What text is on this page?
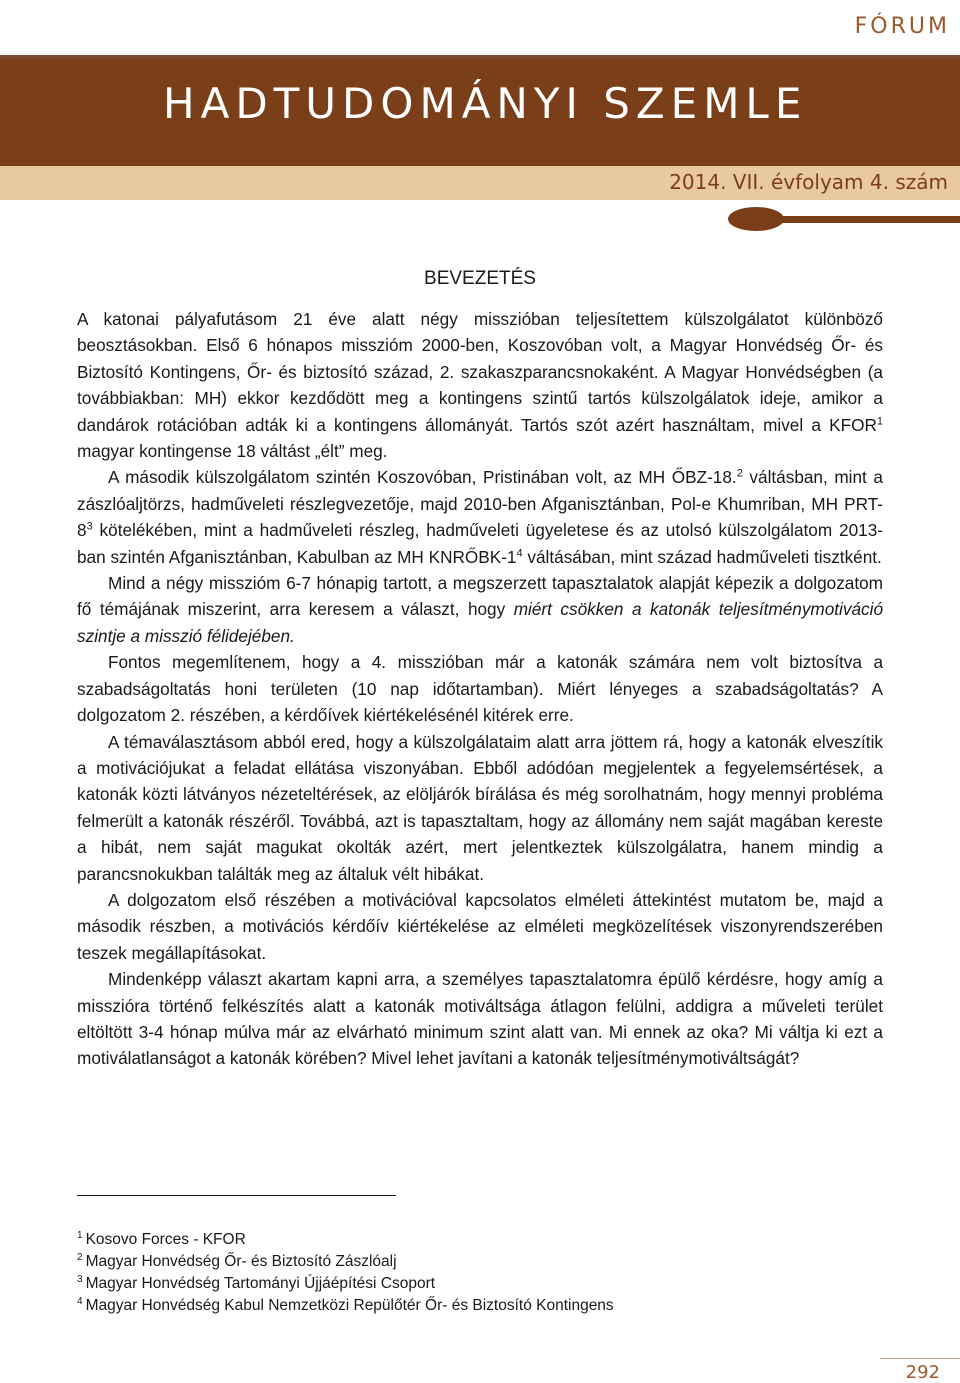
FÓRUM
HADTUDOMÁNYI SZEMLE
2014. VII. évfolyam 4. szám
BEVEZETÉS

A katonai pályafutásom 21 éve alatt négy misszióban teljesítettem külszolgálatot különböző beosztásokban. Első 6 hónapos misszióm 2000-ben, Koszovóban volt, a Magyar Honvédség Őr- és Biztosító Kontingens, Őr- és biztosító század, 2. szakaszparancsnokaként. A Magyar Honvédségben (a továbbiakban: MH) ekkor kezdődött meg a kontingens szintű tartós külszolgálatok ideje, amikor a dandárok rotációban adták ki a kontingens állományát. Tartós szót azért használtam, mivel a KFOR$^1$ magyar kontingense 18 váltást „élt” meg.

A második külszolgálatom szintén Koszovóban, Pristinában volt, az MH ŐBZ-18.$^2$ váltásban, mint a zászlóaljtörzs, hadműveleti részlegvezetője, majd 2010-ben Afganisztánban, Pol-e Khumriban, MH PRT-$8^3$ kötelékében, mint a hadműveleti részleg, hadműveleti ügyeletese és az utolsó külszolgálatom 2013-ban szintén Afganisztánban, Kabulban az MH KNRŐBK-$1^4$ váltásában, mint század hadműveleti tisztként.

Mind a négy misszióm 6-7 hónapig tartott, a megszerzett tapasztalatok alapját képezik a dolgozatom fő témájának miszerint, arra keresem a választ, hogy miért csökken a katonák teljesítménymotiváció szintje a misszió félidejében.

Fontos megemlítenem, hogy a 4. misszióban már a katonák számára nem volt biztosítva a szabadságoltatás honi területen (10 nap időtartamban). Miért lényeges a szabadságoltatás? A dolgozatom 2. részében, a kérdőívek kiértékelésénél kitérek erre.

A témaválasztásom abból ered, hogy a külszolgálataim alatt arra jöttem rá, hogy a katonák elveszítik a motivációjukat a feladat ellátása viszonyában. Ebből adódóan megjelentek a fegyelemsértések, a katonák közti látványos nézeteltérések, az elöljárók bírálása és még sorolhatnám, hogy mennyi probléma felmerült a katonák részéről. Továbbá, azt is tapasztaltam, hogy az állomány nem saját magában kereste a hibát, nem saját magukat okolták azért, mert jelentkeztek külszolgálatra, hanem mindig a parancsnokukban találták meg az általuk vélt hibákat.

A dolgozatom első részében a motivációval kapcsolatos elméleti áttekintést mutatom be, majd a második részben, a motivációs kérdőív kiértékelése az elméleti megközelítések viszonyrendszerében teszek megállapításokat.

Mindenképp választ akartam kapni arra, a személyes tapasztalatomra épülő kérdésre, hogy amíg a misszióra történő felkészítés alatt a katonák motiváltsága átlagon felülni, addigra a műveleti terület eltöltött 3-4 hónap múlva már az elvárható minimum szint alatt van. Mi ennek az oka? Mi váltja ki ezt a motiválatlanságot a katonák körében? Mivel lehet javítani a katonák teljesítménymotiváltságát?

$^1$ Kosovo Forces - KFOR
$^2$ Magyar Honvédség Őr- és Biztosító Zászlóalj
$^3$ Magyar Honvédség Tartományi Újjáépítési Csoport
$^4$ Magyar Honvédség Kabul Nemzetközi Repülőtér Őr- és Biztosító Kontingens
292
